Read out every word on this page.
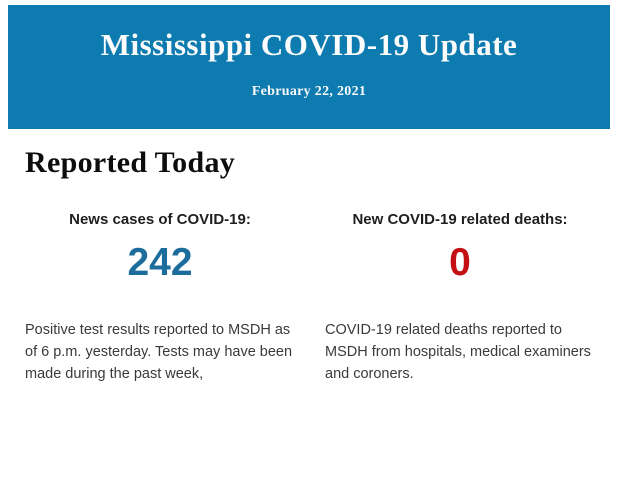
Mississippi COVID-19 Update
February 22, 2021
Reported Today
News cases of COVID-19:
242
Positive test results reported to MSDH as of 6 p.m. yesterday. Tests may have been made during the past week,
New COVID-19 related deaths:
0
COVID-19 related deaths reported to MSDH from hospitals, medical examiners and coroners.
